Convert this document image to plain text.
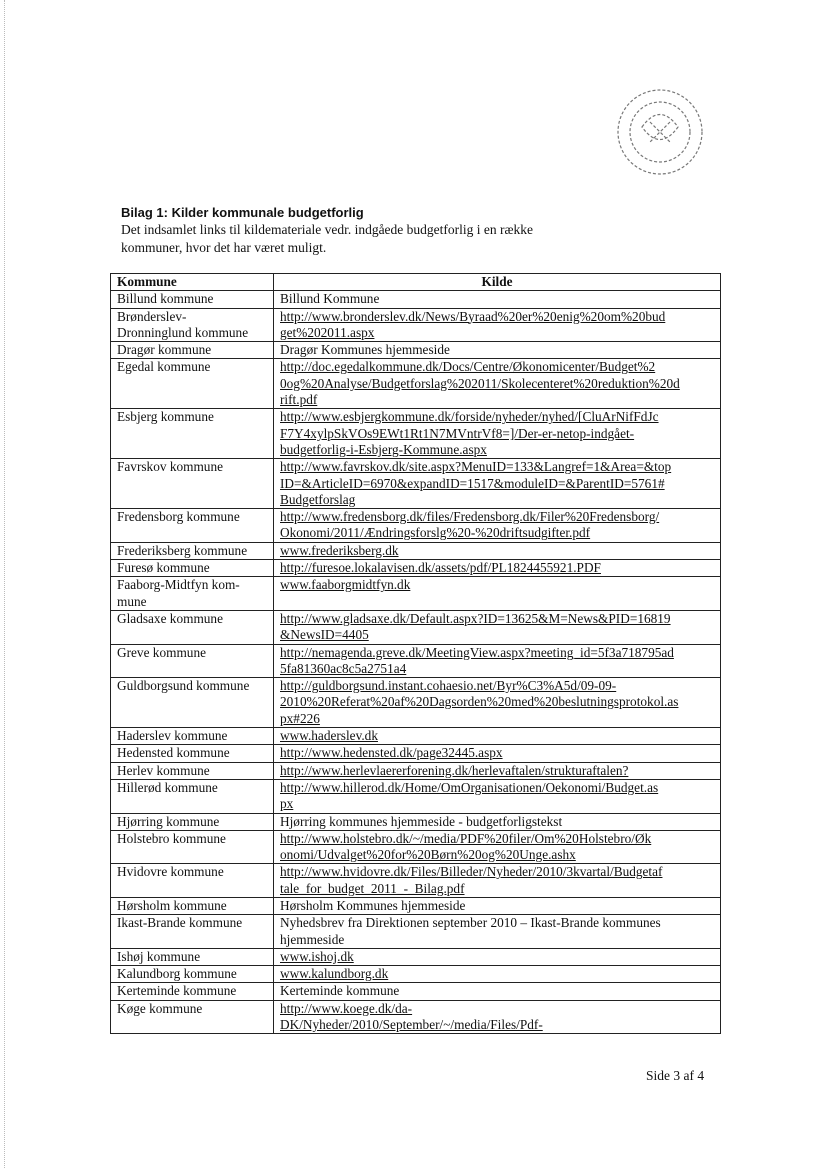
Bilag 1: Kilder kommunale budgetforlig
Det indsamlet links til kildemateriale vedr. indgåede budgetforlig i en række kommuner, hvor det har været muligt.
Kommune	Kilde

Billund kommune	Billund Kommune

Brønderslev-
Dronninglund kommune	http://www.bronderslev.dk/News/Byraad%20er%20enig%20om%20bud
get%202011.aspx

Dragør kommune	Dragør Kommunes hjemmeside

Egedal kommune	http://doc.egedalkommune.dk/Docs/Centre/Økonomicenter/Budget%2
0og%20Analyse/Budgetforslag%202011/Skolecenteret%20reduktion%20d
rift.pdf

Esbjerg kommune	http://www.esbjergkommune.dk/forside/nyheder/nyhed/[CluArNifFdJc
F7Y4xylpSkVOs9EWt1Rt1N7MVntrVf8=]/Der-er-netop-indgået-
budgetforlig-i-Esbjerg-Kommune.aspx

Favrskov kommune	http://www.favrskov.dk/site.aspx?MenuID=133&Langref=1&Area=&top
ID=&ArticleID=6970&expandID=1517&moduleID=&ParentID=5761#
Budgetforslag

Fredensborg kommune	http://www.fredensborg.dk/files/Fredensborg.dk/Filer%20Fredensborg/
Okonomi/2011/Ændringsforslg%20-%20driftsudgifter.pdf

Frederiksberg kommune	www.frederiksberg.dk

Furesø kommune	http://furesoe.lokalavisen.dk/assets/pdf/PL1824455921.PDF

Faaborg-Midtfyn kom-
mune	www.faaborgmidtfyn.dk

Gladsaxe kommune	http://www.gladsaxe.dk/Default.aspx?ID=13625&M=News&PID=16819
&NewsID=4405

Greve kommune	http://nemagenda.greve.dk/MeetingView.aspx?meeting_id=5f3a718795ad
5fa81360ac8c5a2751a4

Guldborgsund kommune	http://guldborgsund.instant.cohaesio.net/Byr%C3%A5d/09-09-
2010%20Referat%20af%20Dagsorden%20med%20beslutningsprotokol.as
px#226

Haderslev kommune	www.haderslev.dk

Hedensted kommune	http://www.hedensted.dk/page32445.aspx

Herlev kommune	http://www.herlevlaererforening.dk/herlevaftalen/strukturaftalen?

Hillerød kommune	http://www.hillerod.dk/Home/OmOrganisationen/Oekonomi/Budget.as
px

Hjørring kommune	Hjørring kommunes hjemmeside - budgetforligstekst

Holstebro kommune	http://www.holstebro.dk/~/media/PDF%20filer/Om%20Holstebro/Øk
onomi/Udvalget%20for%20Børn%20og%20Unge.ashx

Hvidovre kommune	http://www.hvidovre.dk/Files/Billeder/Nyheder/2010/3kvartal/Budgetaf
tale_for_budget_2011_-_Bilag.pdf

Hørsholm kommune	Hørsholm Kommunes hjemmeside

Ikast-Brande kommune	Nyhedsbrev fra Direktionen september 2010 – Ikast-Brande kommunes
hjemmeside

Ishøj kommune	www.ishoj.dk

Kalundborg kommune	www.kalundborg.dk

Kerteminde kommune	Kerteminde kommune

Køge kommune	http://www.koege.dk/da-
DK/Nyheder/2010/September/~/media/Files/Pdf-
Side 3 af 4
